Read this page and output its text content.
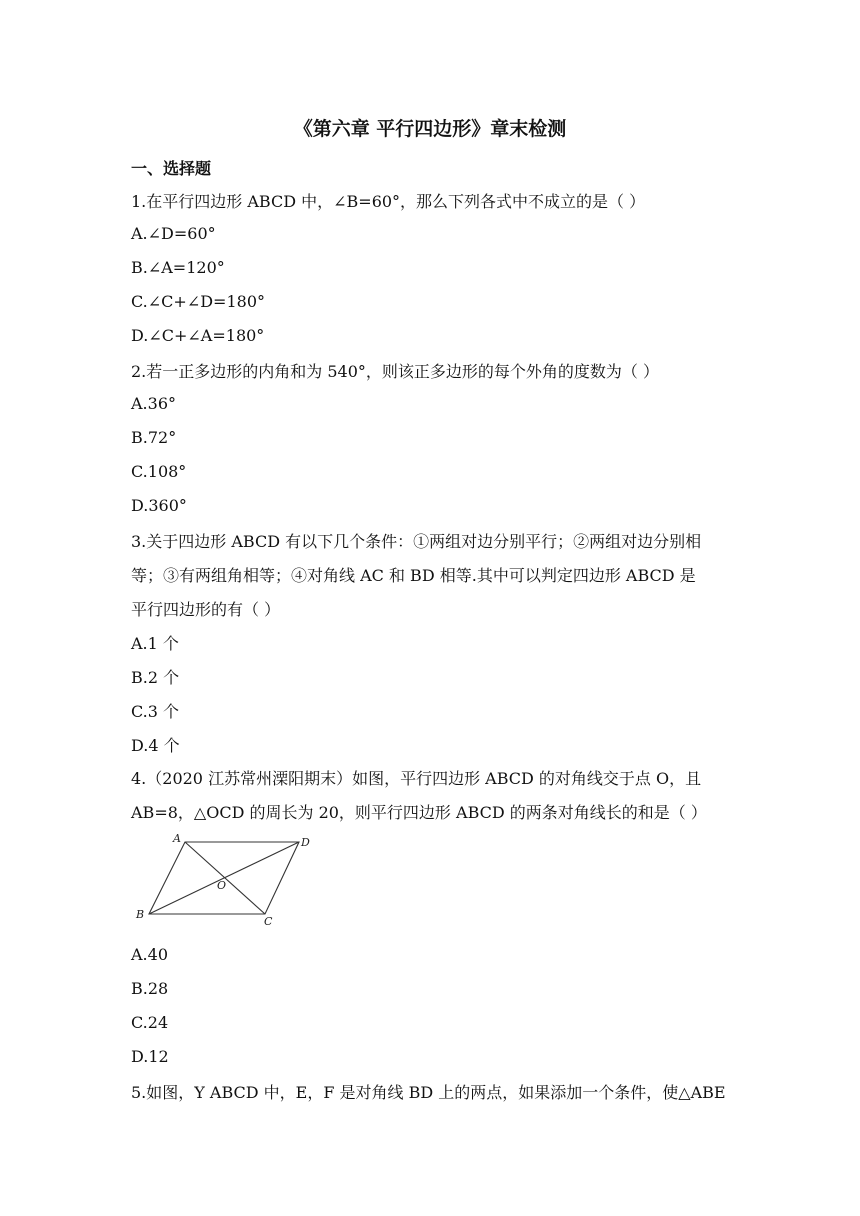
《第六章 平行四边形》章末检测
一、选择题
1.在平行四边形 ABCD 中，∠B=60°，那么下列各式中不成立的是（ ）
A.∠D=60°
B.∠A=120°
C.∠C+∠D=180°
D.∠C+∠A=180°
2.若一正多边形的内角和为 540°，则该正多边形的每个外角的度数为（ ）
A.36°
B.72°
C.108°
D.360°
3.关于四边形 ABCD 有以下几个条件：①两组对边分别平行；②两组对边分别相
等；③有两组角相等；④对角线 AC 和 BD 相等.其中可以判定四边形 ABCD 是
平行四边形的有（ ）
A.1 个
B.2 个
C.3 个
D.4 个
4.（2020 江苏常州溧阳期末）如图，平行四边形 ABCD 的对角线交于点 O，且
AB=8，△OCD 的周长为 20，则平行四边形 ABCD 的两条对角线长的和是（ ）
A	D
O
B
C
A.40
B.28
C.24
D.12
5.如图，Y ABCD 中，E，F 是对角线 BD 上的两点，如果添加一个条件，使△ABE
